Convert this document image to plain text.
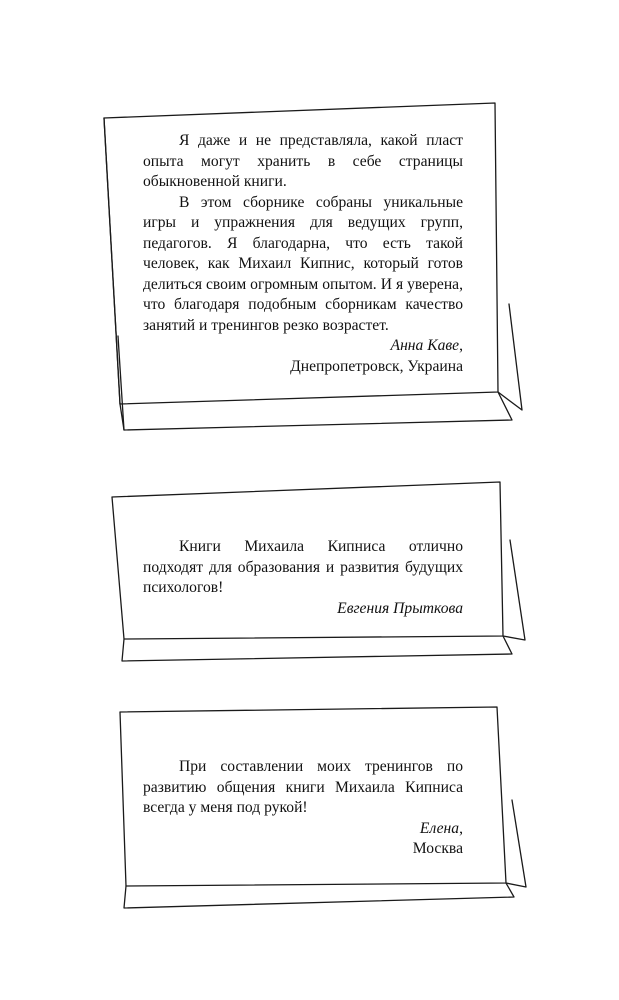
Я даже и не представляла, какой пласт опыта могут хранить в себе страницы обыкновенной книги.

В этом сборнике собраны уникальные игры и упражнения для ведущих групп, педагогов. Я благодарна, что есть такой человек, как Михаил Кипнис, который готов делиться своим огромным опытом. И я уверена, что благодаря подобным сборникам качество занятий и тренингов резко возрастет.

Анна Каве,

Днепропетровск, Украина

Книги Михаила Кипниса отлично подходят для образования и развития будущих психологов!

Евгения Прыткова

При составлении моих тренингов по развитию общения книги Михаила Кипниса всегда у меня под рукой!

Елена,

Москва
